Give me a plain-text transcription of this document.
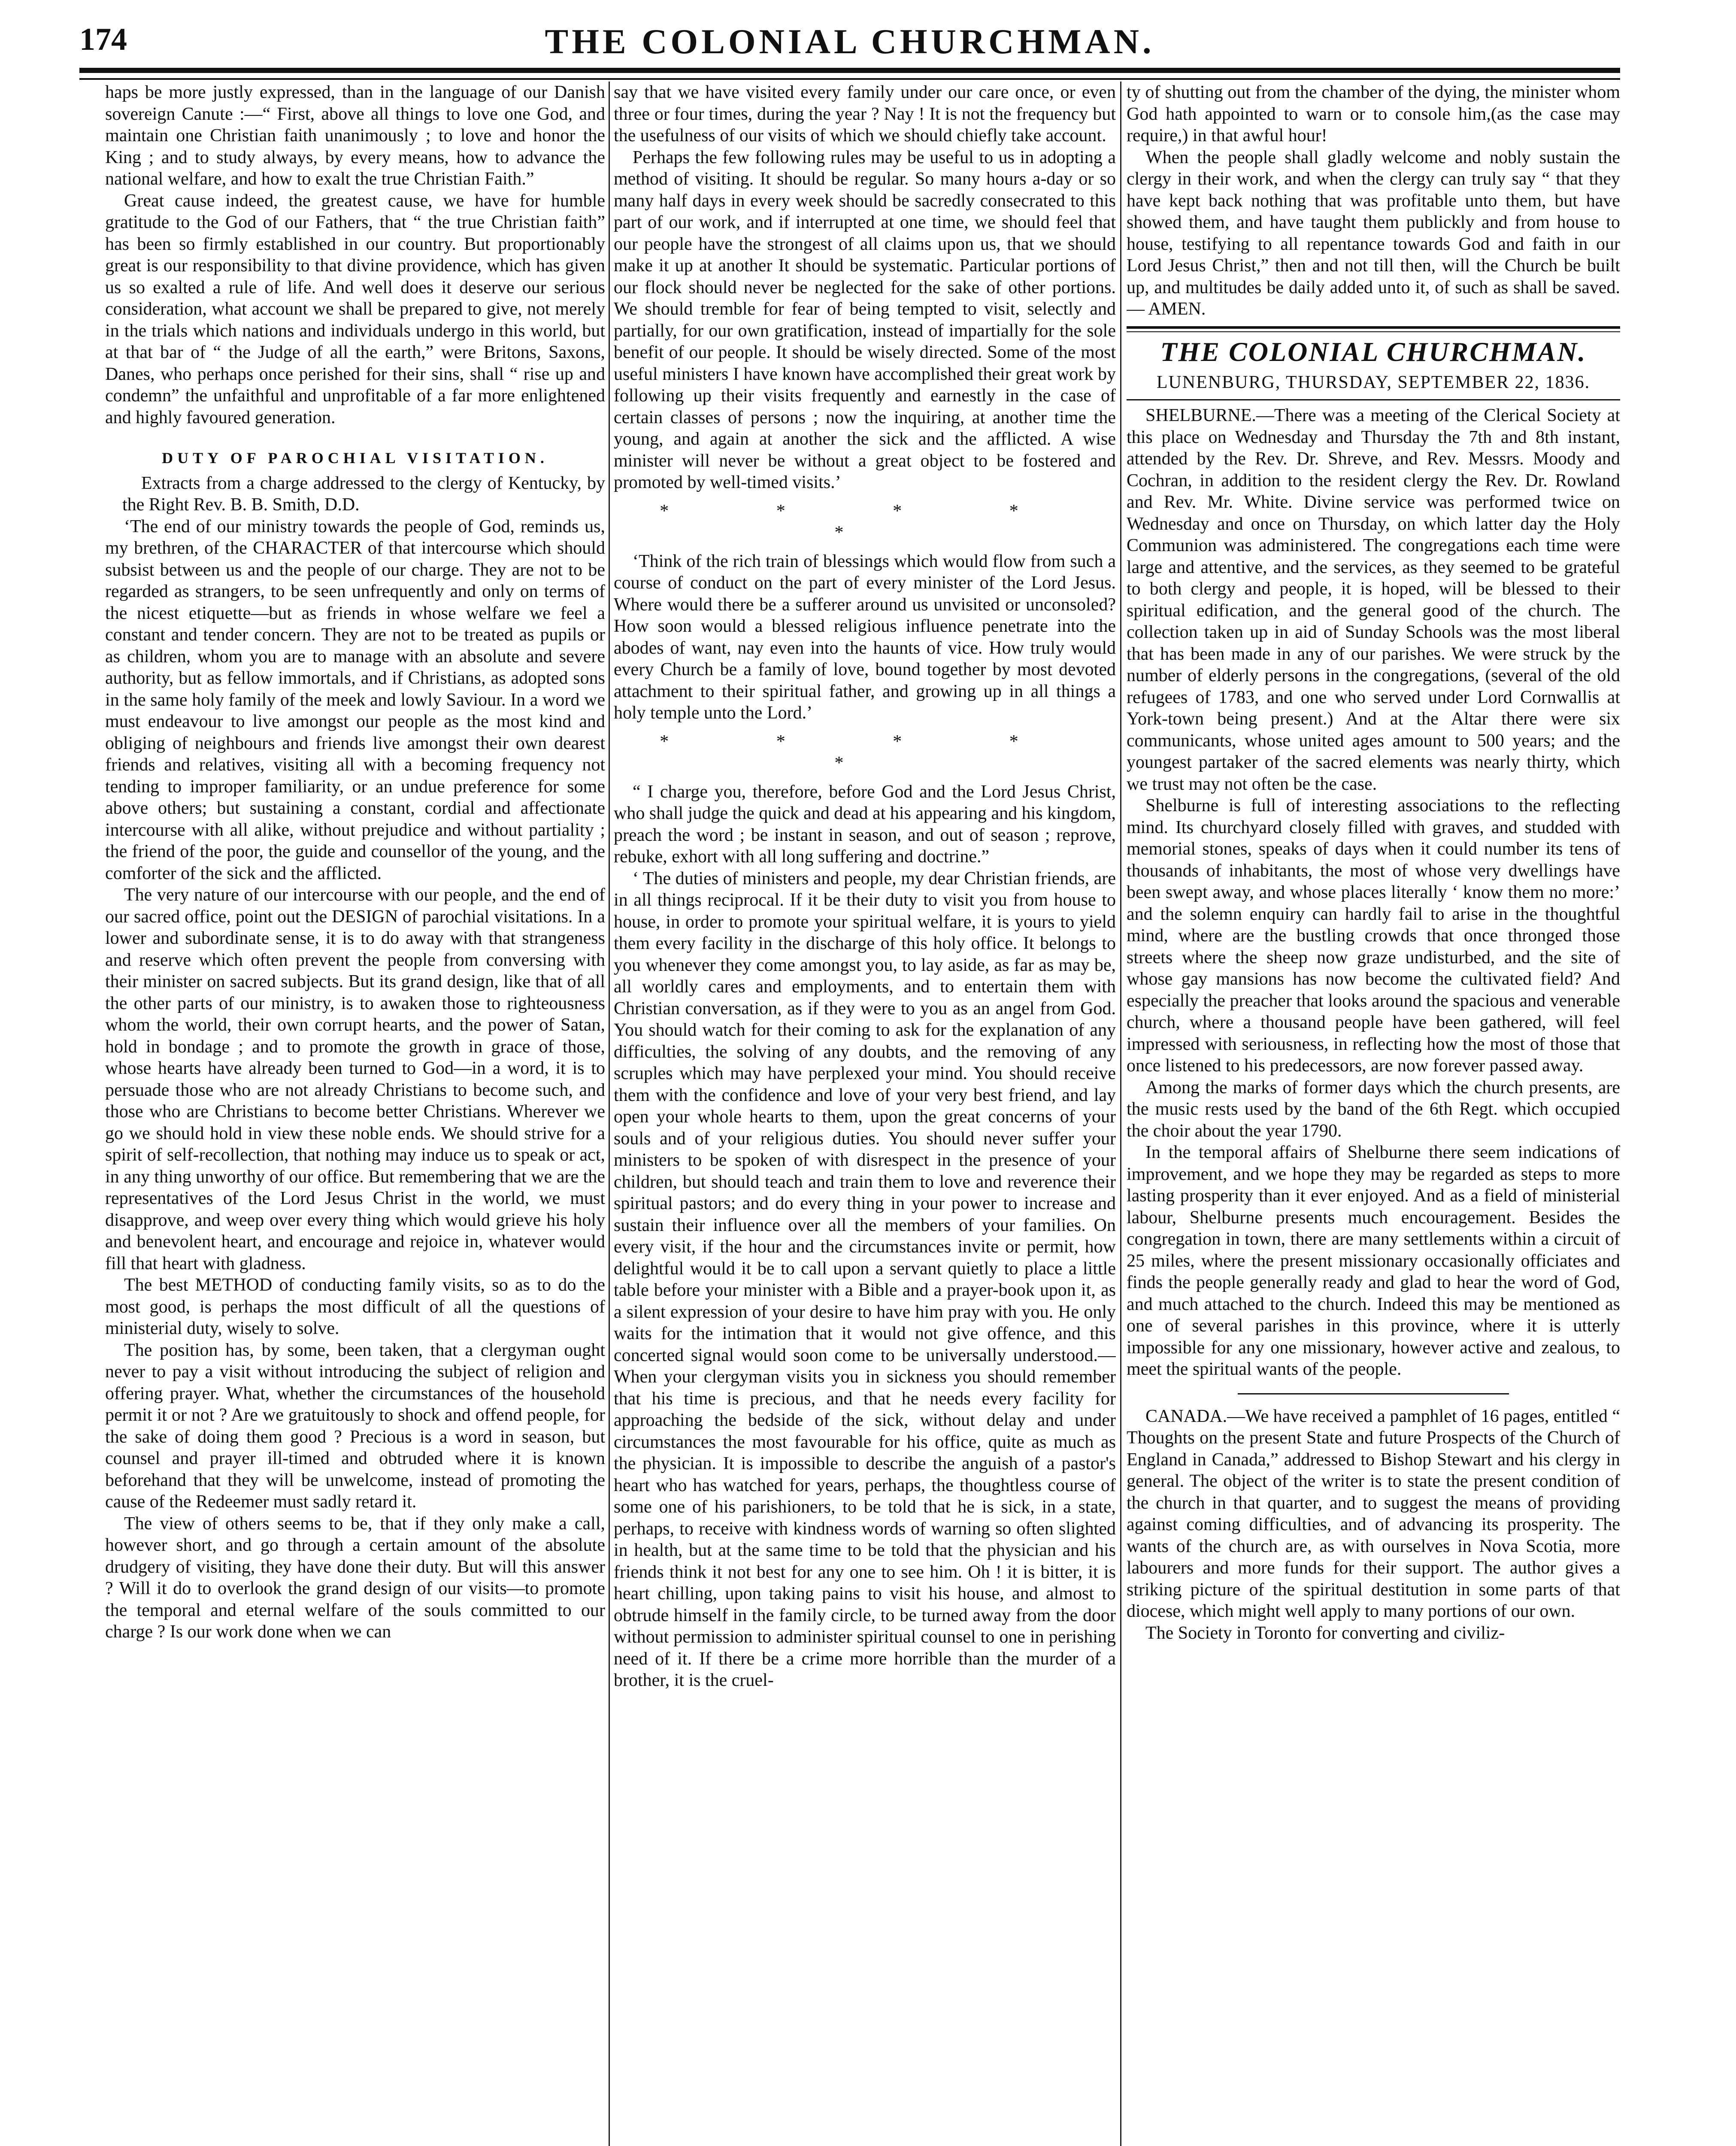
174	THE COLONIAL CHURCHMAN.

haps be more justly expressed, than in the language of our Danish sovereign Canute :—“ First, above all things to love one God, and maintain one Christian faith unanimously ; to love and honor the King ; and to study always, by every means, how to advance the national welfare, and how to exalt the true Christian Faith.”

Great cause indeed, the greatest cause, we have for humble gratitude to the God of our Fathers, that “ the true Christian faith” has been so firmly established in our country. But proportionably great is our responsibility to that divine providence, which has given us so exalted a rule of life. And well does it deserve our serious consideration, what account we shall be prepared to give, not merely in the trials which nations and individuals undergo in this world, but at that bar of “ the Judge of all the earth,” were Britons, Saxons, Danes, who perhaps once perished for their sins, shall “ rise up and condemn” the unfaithful and unprofitable of a far more enlightened and highly favoured generation.

DUTY OF PAROCHIAL VISITATION.

Extracts from a charge addressed to the clergy of Kentucky, by the Right Rev. B. B. Smith, D.D.

‘The end of our ministry towards the people of God, reminds us, my brethren, of the CHARACTER of that intercourse which should subsist between us and the people of our charge. They are not to be regarded as strangers, to be seen unfrequently and only on terms of the nicest etiquette—but as friends in whose welfare we feel a constant and tender concern. They are not to be treated as pupils or as children, whom you are to manage with an absolute and severe authority, but as fellow immortals, and if Christians, as adopted sons in the same holy family of the meek and lowly Saviour. In a word we must endeavour to live amongst our people as the most kind and obliging of neighbours and friends live amongst their own dearest friends and relatives, visiting all with a becoming frequency not tending to improper familiarity, or an undue preference for some above others; but sustaining a constant, cordial and affectionate intercourse with all alike, without prejudice and without partiality ; the friend of the poor, the guide and counsellor of the young, and the comforter of the sick and the afflicted.

The very nature of our intercourse with our people, and the end of our sacred office, point out the DESIGN of parochial visitations. In a lower and subordinate sense, it is to do away with that strangeness and reserve which often prevent the people from conversing with their minister on sacred subjects. But its grand design, like that of all the other parts of our ministry, is to awaken those to righteousness whom the world, their own corrupt hearts, and the power of Satan, hold in bondage ; and to promote the growth in grace of those, whose hearts have already been turned to God—in a word, it is to persuade those who are not already Christians to become such, and those who are Christians to become better Christians. Wherever we go we should hold in view these noble ends. We should strive for a spirit of self-recollection, that nothing may induce us to speak or act, in any thing unworthy of our office. But remembering that we are the representatives of the Lord Jesus Christ in the world, we must disapprove, and weep over every thing which would grieve his holy and benevolent heart, and encourage and rejoice in, whatever would fill that heart with gladness.

The best METHOD of conducting family visits, so as to do the most good, is perhaps the most difficult of all the questions of ministerial duty, wisely to solve.

The position has, by some, been taken, that a clergyman ought never to pay a visit without introducing the subject of religion and offering prayer. What, whether the circumstances of the household permit it or not ? Are we gratuitously to shock and offend people, for the sake of doing them good ? Precious is a word in season, but counsel and prayer ill-timed and obtruded where it is known beforehand that they will be unwelcome, instead of promoting the cause of the Redeemer must sadly retard it.

The view of others seems to be, that if they only make a call, however short, and go through a certain amount of the absolute drudgery of visiting, they have done their duty. But will this answer ? Will it do to overlook the grand design of our visits—to promote the temporal and eternal welfare of the souls committed to our charge ? Is our work done when we can

say that we have visited every family under our care once, or even three or four times, during the year ? Nay ! It is not the frequency but the usefulness of our visits of which we should chiefly take account.

Perhaps the few following rules may be useful to us in adopting a method of visiting. It should be regular. So many hours a-day or so many half days in every week should be sacredly consecrated to this part of our work, and if interrupted at one time, we should feel that our people have the strongest of all claims upon us, that we should make it up at another It should be systematic. Particular portions of our flock should never be neglected for the sake of other portions. We should tremble for fear of being tempted to visit, selectly and partially, for our own gratification, instead of impartially for the sole benefit of our people. It should be wisely directed. Some of the most useful ministers I have known have accomplished their great work by following up their visits frequently and earnestly in the case of certain classes of persons ; now the inquiring, at another time the young, and again at another the sick and the afflicted. A wise minister will never be without a great object to be fostered and promoted by well-timed visits.’

* * * * *

‘Think of the rich train of blessings which would flow from such a course of conduct on the part of every minister of the Lord Jesus. Where would there be a sufferer around us unvisited or unconsoled? How soon would a blessed religious influence penetrate into the abodes of want, nay even into the haunts of vice. How truly would every Church be a family of love, bound together by most devoted attachment to their spiritual father, and growing up in all things a holy temple unto the Lord.’

* * * * *

“ I charge you, therefore, before God and the Lord Jesus Christ, who shall judge the quick and dead at his appearing and his kingdom, preach the word ; be instant in season, and out of season ; reprove, rebuke, exhort with all long suffering and doctrine.”

‘ The duties of ministers and people, my dear Christian friends, are in all things reciprocal. If it be their duty to visit you from house to house, in order to promote your spiritual welfare, it is yours to yield them every facility in the discharge of this holy office. It belongs to you whenever they come amongst you, to lay aside, as far as may be, all worldly cares and employments, and to entertain them with Christian conversation, as if they were to you as an angel from God. You should watch for their coming to ask for the explanation of any difficulties, the solving of any doubts, and the removing of any scruples which may have perplexed your mind. You should receive them with the confidence and love of your very best friend, and lay open your whole hearts to them, upon the great concerns of your souls and of your religious duties. You should never suffer your ministers to be spoken of with disrespect in the presence of your children, but should teach and train them to love and reverence their spiritual pastors; and do every thing in your power to increase and sustain their influence over all the members of your families. On every visit, if the hour and the circumstances invite or permit, how delightful would it be to call upon a servant quietly to place a little table before your minister with a Bible and a prayer-book upon it, as a silent expression of your desire to have him pray with you. He only waits for the intimation that it would not give offence, and this concerted signal would soon come to be universally understood.—When your clergyman visits you in sickness you should remember that his time is precious, and that he needs every facility for approaching the bedside of the sick, without delay and under circumstances the most favourable for his office, quite as much as the physician. It is impossible to describe the anguish of a pastor's heart who has watched for years, perhaps, the thoughtless course of some one of his parishioners, to be told that he is sick, in a state, perhaps, to receive with kindness words of warning so often slighted in health, but at the same time to be told that the physician and his friends think it not best for any one to see him. Oh ! it is bitter, it is heart chilling, upon taking pains to visit his house, and almost to obtrude himself in the family circle, to be turned away from the door without permission to administer spiritual counsel to one in perishing need of it. If there be a crime more horrible than the murder of a brother, it is the cruel-

ty of shutting out from the chamber of the dying, the minister whom God hath appointed to warn or to console him,(as the case may require,) in that awful hour!

When the people shall gladly welcome and nobly sustain the clergy in their work, and when the clergy can truly say “ that they have kept back nothing that was profitable unto them, but have showed them, and have taught them publickly and from house to house, testifying to all repentance towards God and faith in our Lord Jesus Christ,” then and not till then, will the Church be built up, and multitudes be daily added unto it, of such as shall be saved.— AMEN.

THE COLONIAL CHURCHMAN.
LUNENBURG, THURSDAY, SEPTEMBER 22, 1836.

SHELBURNE.—There was a meeting of the Clerical Society at this place on Wednesday and Thursday the 7th and 8th instant, attended by the Rev. Dr. Shreve, and Rev. Messrs. Moody and Cochran, in addition to the resident clergy the Rev. Dr. Rowland and Rev. Mr. White. Divine service was performed twice on Wednesday and once on Thursday, on which latter day the Holy Communion was administered. The congregations each time were large and attentive, and the services, as they seemed to be grateful to both clergy and people, it is hoped, will be blessed to their spiritual edification, and the general good of the church. The collection taken up in aid of Sunday Schools was the most liberal that has been made in any of our parishes. We were struck by the number of elderly persons in the congregations, (several of the old refugees of 1783, and one who served under Lord Cornwallis at York-town being present.) And at the Altar there were six communicants, whose united ages amount to 500 years; and the youngest partaker of the sacred elements was nearly thirty, which we trust may not often be the case.

Shelburne is full of interesting associations to the reflecting mind. Its churchyard closely filled with graves, and studded with memorial stones, speaks of days when it could number its tens of thousands of inhabitants, the most of whose very dwellings have been swept away, and whose places literally ‘ know them no more:’ and the solemn enquiry can hardly fail to arise in the thoughtful mind, where are the bustling crowds that once thronged those streets where the sheep now graze undisturbed, and the site of whose gay mansions has now become the cultivated field? And especially the preacher that looks around the spacious and venerable church, where a thousand people have been gathered, will feel impressed with seriousness, in reflecting how the most of those that once listened to his predecessors, are now forever passed away.

Among the marks of former days which the church presents, are the music rests used by the band of the 6th Regt. which occupied the choir about the year 1790.

In the temporal affairs of Shelburne there seem indications of improvement, and we hope they may be regarded as steps to more lasting prosperity than it ever enjoyed. And as a field of ministerial labour, Shelburne presents much encouragement. Besides the congregation in town, there are many settlements within a circuit of 25 miles, where the present missionary occasionally officiates and finds the people generally ready and glad to hear the word of God, and much attached to the church. Indeed this may be mentioned as one of several parishes in this province, where it is utterly impossible for any one missionary, however active and zealous, to meet the spiritual wants of the people.

CANADA.—We have received a pamphlet of 16 pages, entitled “ Thoughts on the present State and future Prospects of the Church of England in Canada,” addressed to Bishop Stewart and his clergy in general. The object of the writer is to state the present condition of the church in that quarter, and to suggest the means of providing against coming difficulties, and of advancing its prosperity. The wants of the church are, as with ourselves in Nova Scotia, more labourers and more funds for their support. The author gives a striking picture of the spiritual destitution in some parts of that diocese, which might well apply to many portions of our own.

The Society in Toronto for converting and civiliz-
